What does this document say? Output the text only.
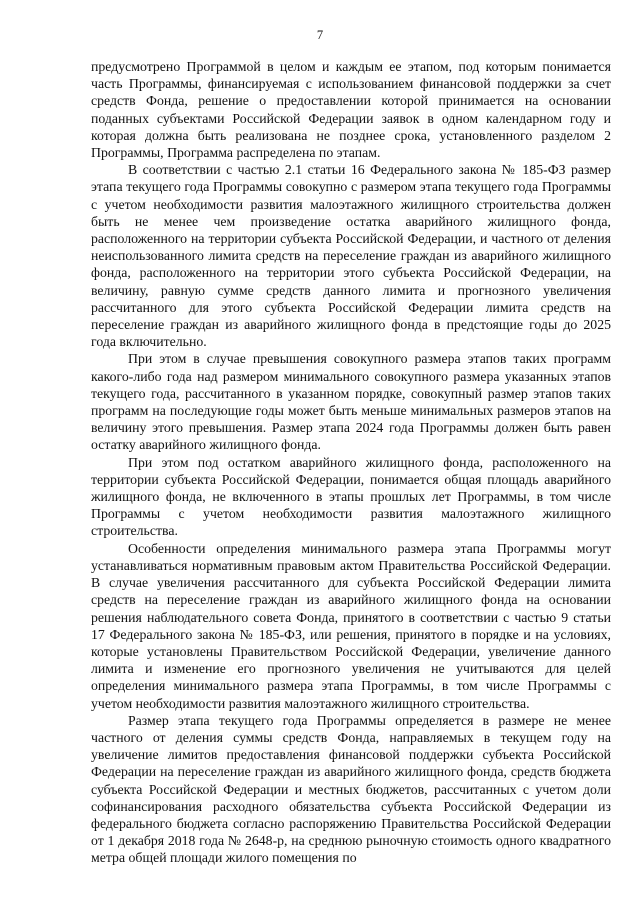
7

предусмотрено Программой в целом и каждым ее этапом, под которым понимается часть Программы, финансируемая с использованием финансовой поддержки за счет средств Фонда, решение о предоставлении которой принимается на основании поданных субъектами Российской Федерации заявок в одном календарном году и которая должна быть реализована не позднее срока, установленного разделом 2 Программы, Программа распределена по этапам.

В соответствии с частью 2.1 статьи 16 Федерального закона № 185-ФЗ размер этапа текущего года Программы совокупно с размером этапа текущего года Программы с учетом необходимости развития малоэтажного жилищного строительства должен быть не менее чем произведение остатка аварийного жилищного фонда, расположенного на территории субъекта Российской Федерации, и частного от деления неиспользованного лимита средств на переселение граждан из аварийного жилищного фонда, расположенного на территории этого субъекта Российской Федерации, на величину, равную сумме средств данного лимита и прогнозного увеличения рассчитанного для этого субъекта Российской Федерации лимита средств на переселение граждан из аварийного жилищного фонда в предстоящие годы до 2025 года включительно.

При этом в случае превышения совокупного размера этапов таких программ какого-либо года над размером минимального совокупного размера указанных этапов текущего года, рассчитанного в указанном порядке, совокупный размер этапов таких программ на последующие годы может быть меньше минимальных размеров этапов на величину этого превышения. Размер этапа 2024 года Программы должен быть равен остатку аварийного жилищного фонда.

При этом под остатком аварийного жилищного фонда, расположенного на территории субъекта Российской Федерации, понимается общая площадь аварийного жилищного фонда, не включенного в этапы прошлых лет Программы, в том числе Программы с учетом необходимости развития малоэтажного жилищного строительства.

Особенности определения минимального размера этапа Программы могут устанавливаться нормативным правовым актом Правительства Российской Федерации. В случае увеличения рассчитанного для субъекта Российской Федерации лимита средств на переселение граждан из аварийного жилищного фонда на основании решения наблюдательного совета Фонда, принятого в соответствии с частью 9 статьи 17 Федерального закона № 185-ФЗ, или решения, принятого в порядке и на условиях, которые установлены Правительством Российской Федерации, увеличение данного лимита и изменение его прогнозного увеличения не учитываются для целей определения минимального размера этапа Программы, в том числе Программы с учетом необходимости развития малоэтажного жилищного строительства.

Размер этапа текущего года Программы определяется в размере не менее частного от деления суммы средств Фонда, направляемых в текущем году на увеличение лимитов предоставления финансовой поддержки субъекта Российской Федерации на переселение граждан из аварийного жилищного фонда, средств бюджета субъекта Российской Федерации и местных бюджетов, рассчитанных с учетом доли софинансирования расходного обязательства субъекта Российской Федерации из федерального бюджета согласно распоряжению Правительства Российской Федерации от 1 декабря 2018 года № 2648-р, на среднюю рыночную стоимость одного квадратного метра общей площади жилого помещения по
